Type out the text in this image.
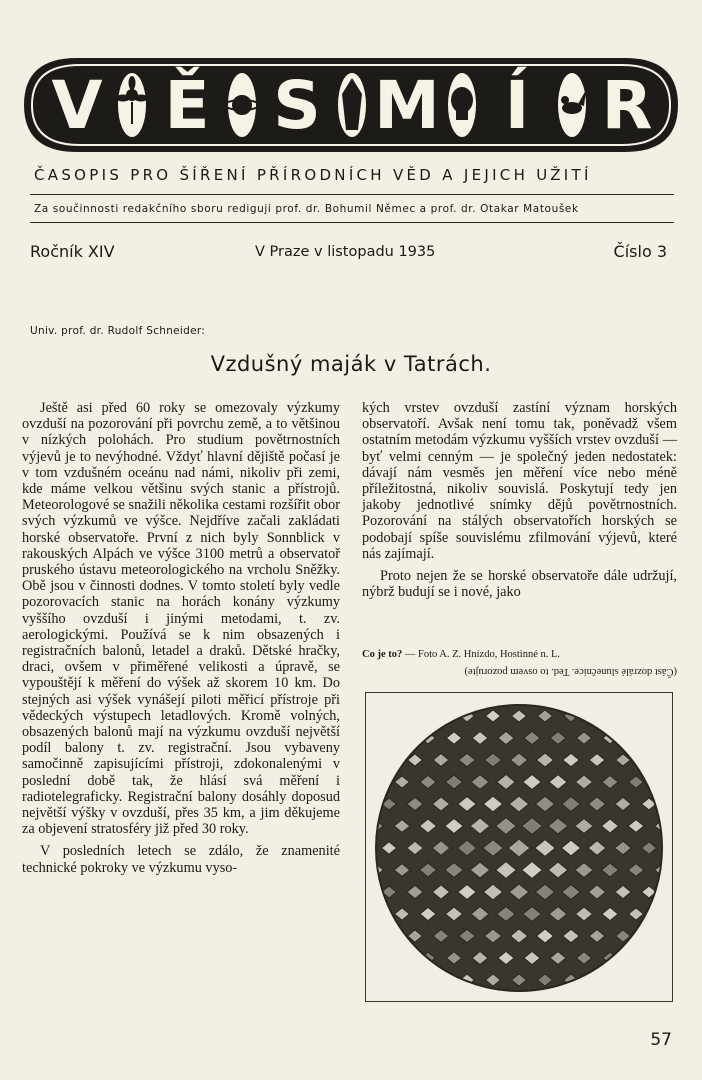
V Ě S M Í R
ČASOPIS PRO ŠÍŘENÍ PŘÍRODNÍCH VĚD A JEJICH UŽITÍ
Za součinnosti redakčního sboru rediguji prof. dr. Bohumil Němec a prof. dr. Otakar Matoušek
Ročník XIV	V Praze v listopadu 1935	Číslo 3
Univ. prof. dr. Rudolf Schneider:
Vzdušný maják v Tatrách.

Ještě asi před 60 roky se omezovaly výzkumy ovzduší na pozorování při povrchu země, a to většinou v nízkých polohách. Pro studium povětrnostních výjevů je to nevýhodné. Vždyť hlavní dějiště počasí je v tom vzdušném oceánu nad námi, nikoliv při zemi, kde máme velkou většinu svých stanic a přístrojů. Meteorologové se snažili několika cestami rozšířit obor svých výzkumů ve výšce. Nejdříve začali zakládati horské observatoře. První z nich byly Sonnblick v rakouských Alpách ve výšce 3100 metrů a observatoř pruského ústavu meteorologického na vrcholu Sněžky. Obě jsou v činnosti dodnes. V tomto století byly vedle pozorovacích stanic na horách konány výzkumy vyššího ovzduší i jinými metodami, t. zv. aerologickými. Používá se k nim obsazených i registračních balonů, letadel a draků. Dětské hračky, draci, ovšem v přiměřené velikosti a úpravě, se vypouštějí k měření do výšek až skorem 10 km. Do stejných asi výšek vynášejí piloti měřicí přístroje při vědeckých výstupech letadlových. Kromě volných, obsazených balonů mají na výzkumu ovzduší největší podíl balony t. zv. registrační. Jsou vybaveny samočinně zapisujícími přístroji, zdokonalenými v poslední době tak, že hlásí svá měření i radiotelegraficky. Registrační balony dosáhly doposud největší výšky v ovzduší, přes 35 km, a jim děkujeme za objevení stratosféry již před 30 roky.

V posledních letech se zdálo, že znamenité technické pokroky ve výzkumu vyso-

kých vrstev ovzduší zastíní význam horských observatoří. Avšak není tomu tak, poněvadž všem ostatním metodám výzkumu vyšších vrstev ovzduší — byť velmi cenným — je společný jeden nedostatek: dávají nám vesměs jen měření více nebo méně příležitostná, nikoliv souvislá. Poskytují tedy jen jakoby jednotlivé snímky dějů povětrnostních. Pozorování na stálých observatořích horských se podobají spíše souvislému zfilmování výjevů, které nás zajímají.

Proto nejen že se horské observatoře dále udržují, nýbrž budují se i nové, jako

Co je to? — Foto A. Z. Hnízdo, Hostinné n. L.
(Část dozrálé slunečnice. Ted. to osvem pozorujte)
57
